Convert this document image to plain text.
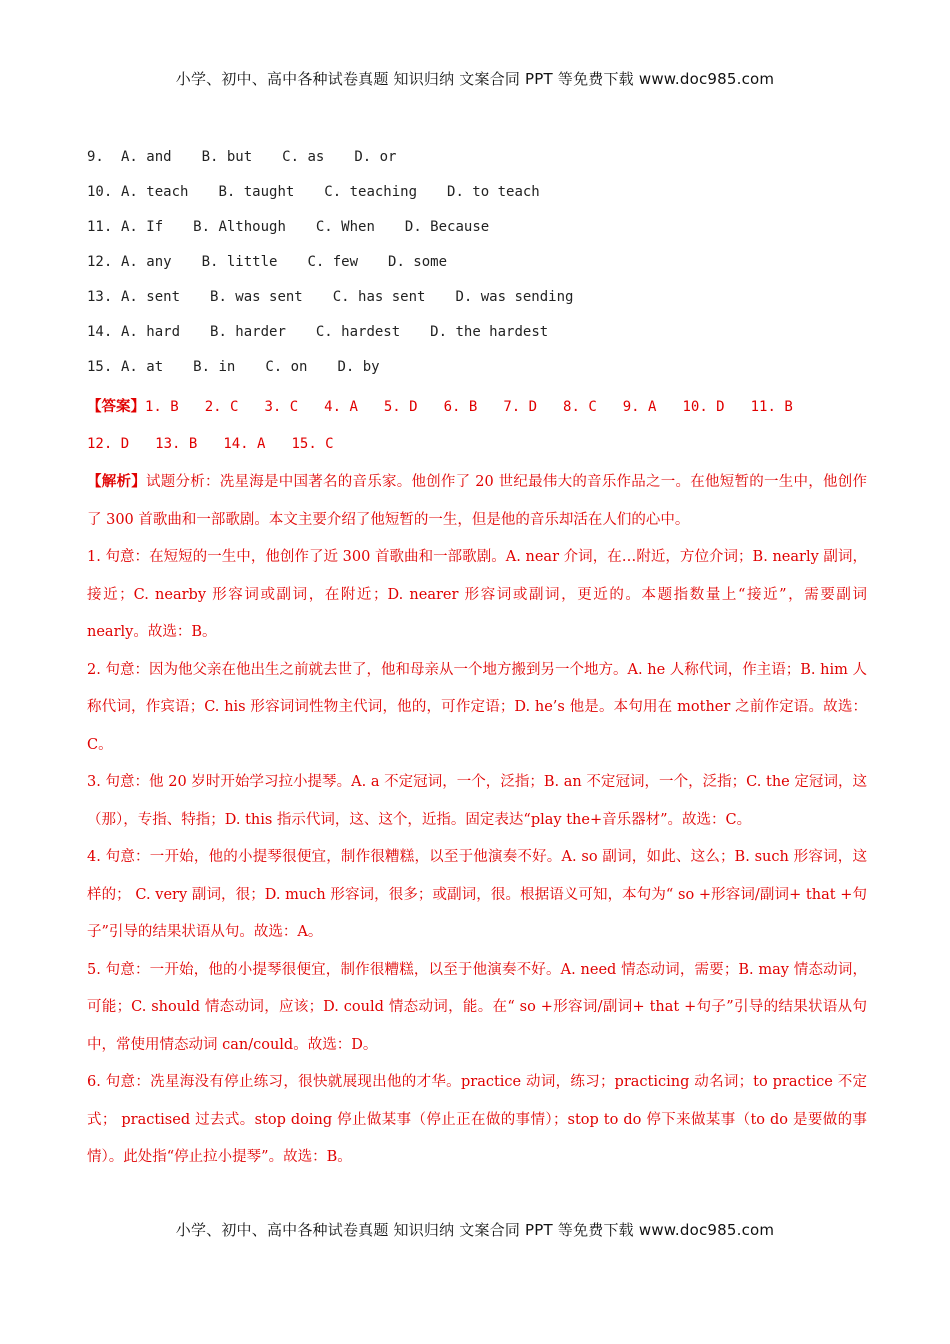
小学、初中、高中各种试卷真题 知识归纳 文案合同 PPT 等免费下载 www.doc985.com
9. A. and B. but C. as D. or
10. A. teach B. taught C. teaching D. to teach
11. A. If B. Although C. When D. Because
12. A. any B. little C. few D. some
13. A. sent B. was sent C. has sent D. was sending
14. A. hard B. harder C. hardest D. the hardest
15. A. at B. in C. on D. by
【答案】1. B 2. C 3. C 4. A 5. D 6. B 7. D 8. C 9. A 10. D 11. B12. D 13. B 14. A 15. C
【解析】试题分析：冼星海是中国著名的音乐家。他创作了 20 世纪最伟大的音乐作品之一。在他短暂的一生中，他创作了 300 首歌曲和一部歌剧。本文主要介绍了他短暂的一生，但是他的音乐却活在人们的心中。
1. 句意：在短短的一生中，他创作了近 300 首歌曲和一部歌剧。A. near 介词，在…附近，方位介词；B. nearly 副词，接近；C. nearby 形容词或副词，在附近；D. nearer 形容词或副词，更近的。本题指数量上“接近”，需要副词 nearly。故选：B。
2. 句意：因为他父亲在他出生之前就去世了，他和母亲从一个地方搬到另一个地方。A. he 人称代词，作主语；B. him 人称代词，作宾语；C. his 形容词词性物主代词，他的，可作定语；D. he’s 他是。本句用在 mother 之前作定语。故选：C。
3. 句意：他 20 岁时开始学习拉小提琴。A. a 不定冠词，一个，泛指；B. an 不定冠词，一个，泛指；C. the 定冠词，这（那），专指、特指；D. this 指示代词，这、这个，近指。固定表达“play the+音乐器材”。故选：C。
4. 句意：一开始，他的小提琴很便宜，制作很糟糕，以至于他演奏不好。A. so 副词，如此、这么；B. such 形容词，这样的； C. very 副词，很；D. much 形容词，很多；或副词，很。根据语义可知，本句为“ so +形容词/副词+ that +句子”引导的结果状语从句。故选：A。
5. 句意：一开始，他的小提琴很便宜，制作很糟糕，以至于他演奏不好。A. need 情态动词，需要；B. may 情态动词，可能；C. should 情态动词，应该；D. could 情态动词，能。在“ so +形容词/副词+ that +句子”引导的结果状语从句中，常使用情态动词 can/could。故选：D。
6. 句意：冼星海没有停止练习，很快就展现出他的才华。practice 动词，练习；practicing 动名词；to practice 不定式； practised 过去式。stop doing 停止做某事（停止正在做的事情）；stop to do 停下来做某事（to do 是要做的事情）。此处指“停止拉小提琴”。故选：B。
小学、初中、高中各种试卷真题 知识归纳 文案合同 PPT 等免费下载 www.doc985.com
